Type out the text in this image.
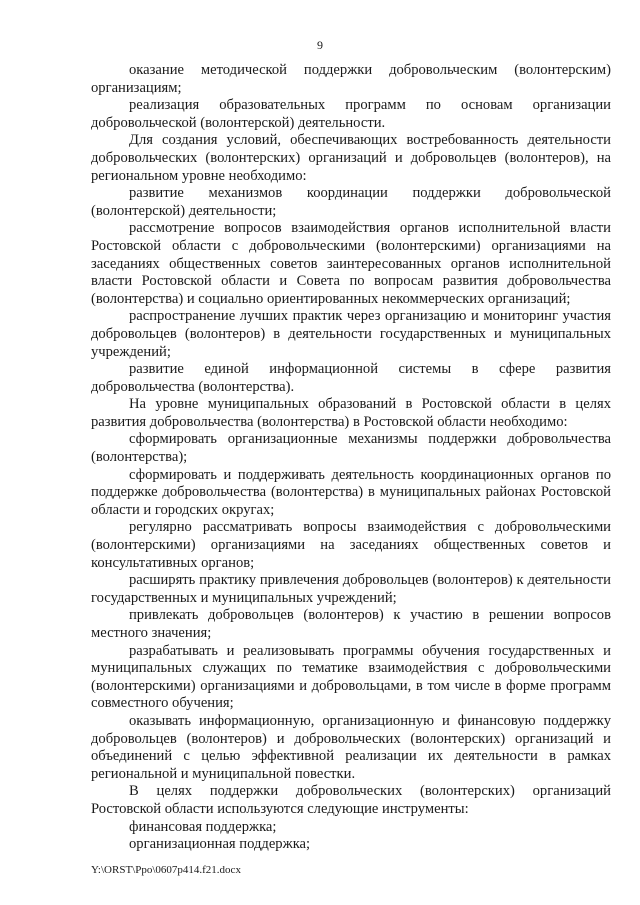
9

оказание методической поддержки добровольческим (волонтерским) организациям;

реализация образовательных программ по основам организации добровольческой (волонтерской) деятельности.

Для создания условий, обеспечивающих востребованность деятельности добровольческих (волонтерских) организаций и добровольцев (волонтеров), на региональном уровне необходимо:

развитие механизмов координации поддержки добровольческой (волонтерской) деятельности;

рассмотрение вопросов взаимодействия органов исполнительной власти Ростовской области с добровольческими (волонтерскими) организациями на заседаниях общественных советов заинтересованных органов исполнительной власти Ростовской области и Совета по вопросам развития добровольчества (волонтерства) и социально ориентированных некоммерческих организаций;

распространение лучших практик через организацию и мониторинг участия добровольцев (волонтеров) в деятельности государственных и муниципальных учреждений;

развитие единой информационной системы в сфере развития добровольчества (волонтерства).

На уровне муниципальных образований в Ростовской области в целях развития добровольчества (волонтерства) в Ростовской области необходимо:

сформировать организационные механизмы поддержки добровольчества (волонтерства);

сформировать и поддерживать деятельность координационных органов по поддержке добровольчества (волонтерства) в муниципальных районах Ростовской области и городских округах;

регулярно рассматривать вопросы взаимодействия с добровольческими (волонтерскими) организациями на заседаниях общественных советов и консультативных органов;

расширять практику привлечения добровольцев (волонтеров) к деятельности государственных и муниципальных учреждений;

привлекать добровольцев (волонтеров) к участию в решении вопросов местного значения;

разрабатывать и реализовывать программы обучения государственных и муниципальных служащих по тематике взаимодействия с добровольческими (волонтерскими) организациями и добровольцами, в том числе в форме программ совместного обучения;

оказывать информационную, организационную и финансовую поддержку добровольцев (волонтеров) и добровольческих (волонтерских) организаций и объединений с целью эффективной реализации их деятельности в рамках региональной и муниципальной повестки.

В целях поддержки добровольческих (волонтерских) организаций Ростовской области используются следующие инструменты:

финансовая поддержка;

организационная поддержка;

Y:\ORST\Ppo\0607p414.f21.docx
